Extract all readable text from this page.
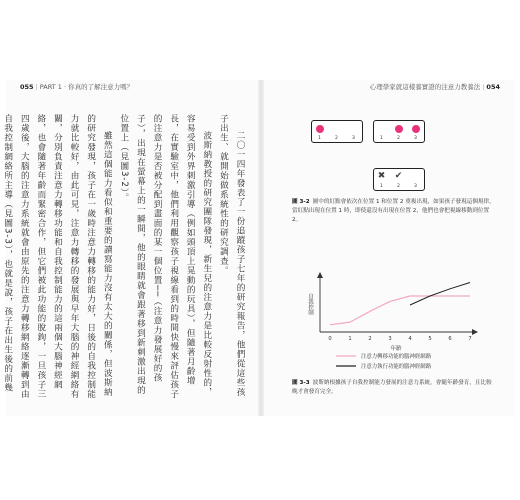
055 | PART 1 · 你真的了解注意力嗎？	心理學家就這樣養實證的注意力教養法 | 054

二〇一四年發表了一份追蹤孩子七年的研究報告，他們從這些孩子出生、就開始做系統性的研究調查。

波斯納教授的研究團隊發現，新生兒的注意力是比較反射性的，容易受到外界刺激引導（例如頭頂上晃動的玩具），但隨著月齡增長，在實驗室中，他們利用觀察孩子視線看到的時間快慢來評估孩子的注意力是否被分配到畫面的某一個位置──（注意力發展好的孩子），出現在螢幕上的一瞬間，他的眼睛就會跟著移到新刺激出現的位置上（見圖3-2）。

雖然這個能力看似和重要的讀寫能力沒有太大的關係，但波斯納的研究發現，孩子在一歲時注意力轉移的能力好，日後的自我控制能力就比較好，由此可見，注意力轉移的發展與早年大腦的神經網絡有關，分別負責注意力轉移功能和自我控制能力的這兩個大腦神經網絡，也會隨著年齡而緊密合作，但它們被此功能的脫鉤，一旦孩子三四歲後，大腦的注意力系統就會由原先的注意力轉移網絡逐漸轉到由自我控制網絡所主導（見圖3-3），也就是說，孩子在出生後的前幾

1	2	3	1	2	3
✖ ✔
1	2	3
圖 3-2 圖中的紅點會依次在位置 1 和位置 2 重複出現，如果孩子發現這個規律，當紅點出現在位置 1 時，即使還沒有出現在位置 2，他們也會把視線移動到位置 2。
自我控制
年齡
0	1	2	3	4	5	6	7
注意力轉移功能的腦神經網路
注意力執行功能的腦神經網路
圖 3-3 波斯納根據孩子自我控制能力發展的注意力系統，會隨年齡發育，且比較晚才會發育完全。
